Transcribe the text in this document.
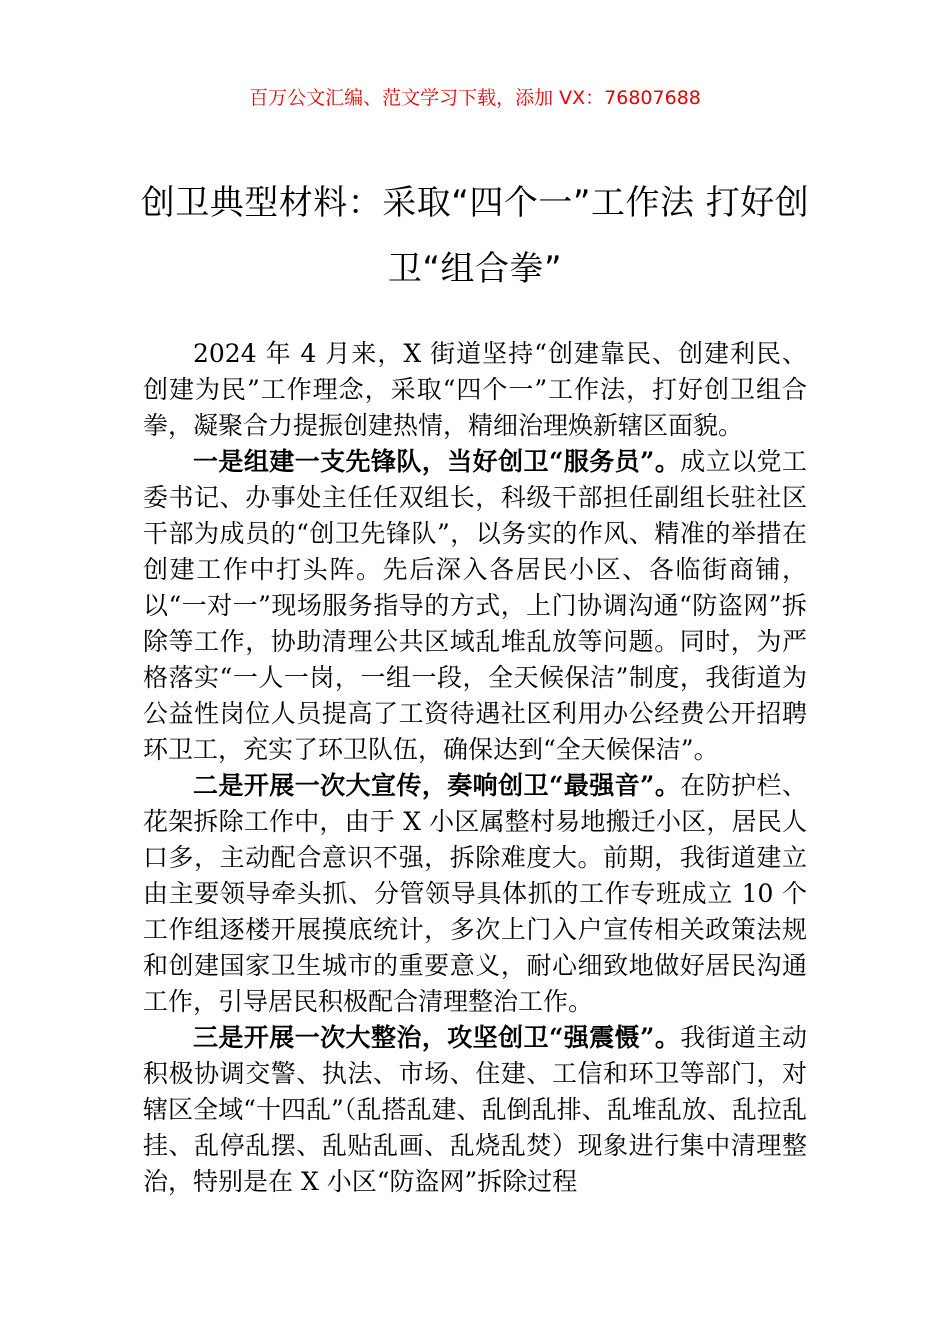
百万公文汇编、范文学习下载，添加 VX：76807688
创卫典型材料：采取“四个一”工作法 打好创卫“组合拳”

2024 年 4 月来，X 街道坚持“创建靠民、创建利民、创建为民”工作理念，采取“四个一”工作法，打好创卫组合拳，凝聚合力提振创建热情，精细治理焕新辖区面貌。

一是组建一支先锋队，当好创卫“服务员”。成立以党工委书记、办事处主任任双组长，科级干部担任副组长驻社区干部为成员的“创卫先锋队”，以务实的作风、精准的举措在创建工作中打头阵。先后深入各居民小区、各临街商铺，以“一对一”现场服务指导的方式，上门协调沟通“防盗网”拆除等工作，协助清理公共区域乱堆乱放等问题。同时，为严格落实“一人一岗，一组一段，全天候保洁”制度，我街道为公益性岗位人员提高了工资待遇社区利用办公经费公开招聘环卫工，充实了环卫队伍，确保达到“全天候保洁”。

二是开展一次大宣传，奏响创卫“最强音”。在防护栏、花架拆除工作中，由于 X 小区属整村易地搬迁小区，居民人口多，主动配合意识不强，拆除难度大。前期，我街道建立由主要领导牵头抓、分管领导具体抓的工作专班成立 10 个工作组逐楼开展摸底统计，多次上门入户宣传相关政策法规和创建国家卫生城市的重要意义，耐心细致地做好居民沟通工作，引导居民积极配合清理整治工作。

三是开展一次大整治，攻坚创卫“强震慑”。我街道主动积极协调交警、执法、市场、住建、工信和环卫等部门，对辖区全域“十四乱”（乱搭乱建、乱倒乱排、乱堆乱放、乱拉乱挂、乱停乱摆、乱贴乱画、乱烧乱焚）现象进行集中清理整治，特别是在 X 小区“防盗网”拆除过程
